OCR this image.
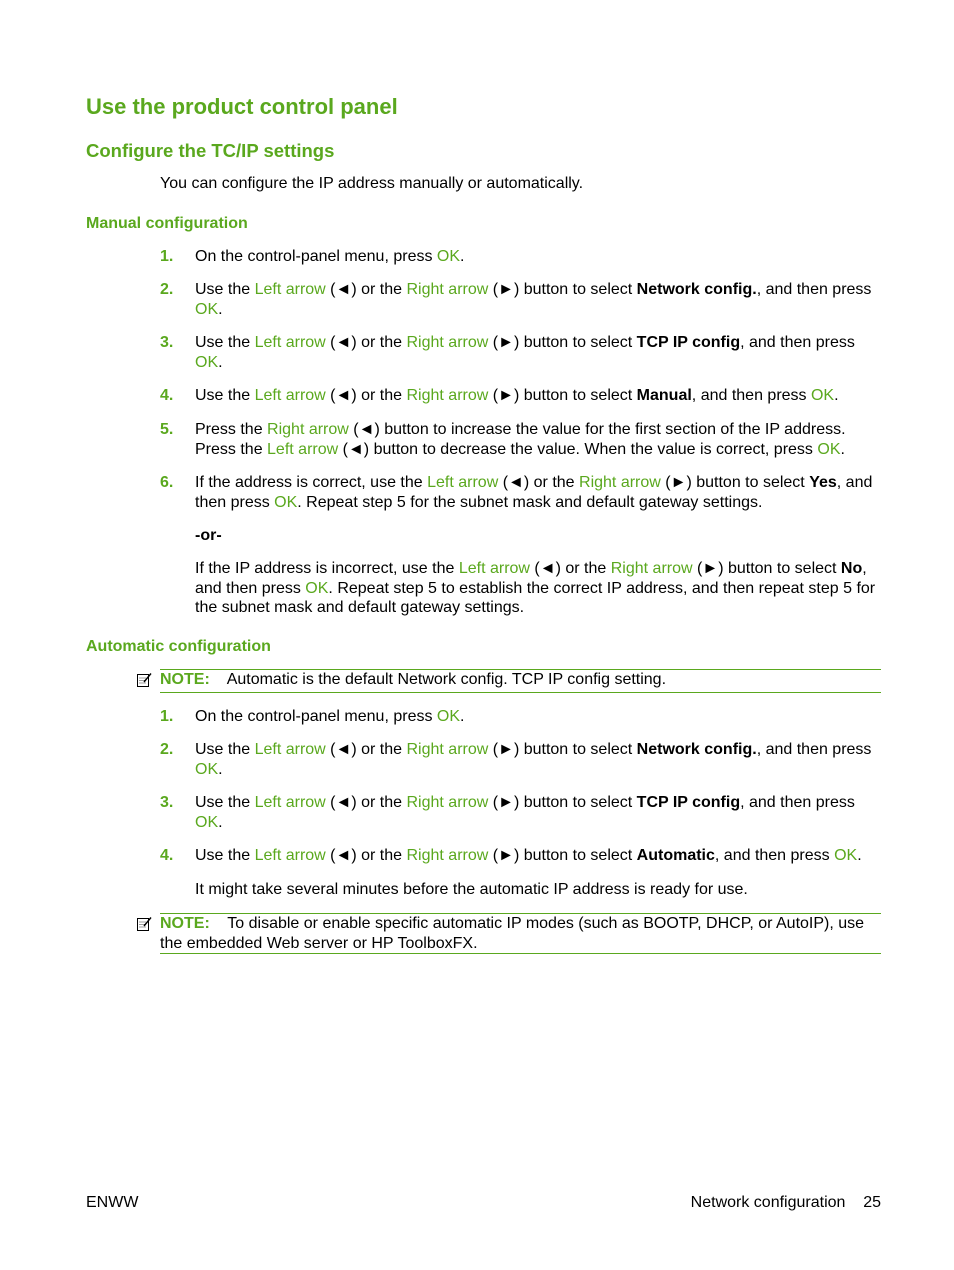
Use the product control panel
Configure the TC/IP settings
You can configure the IP address manually or automatically.
Manual configuration
1. On the control-panel menu, press OK.
2. Use the Left arrow (◄) or the Right arrow (►) button to select Network config., and then press OK.
3. Use the Left arrow (◄) or the Right arrow (►) button to select TCP IP config, and then press OK.
4. Use the Left arrow (◄) or the Right arrow (►) button to select Manual, and then press OK.
5. Press the Right arrow (◄) button to increase the value for the first section of the IP address. Press the Left arrow (◄) button to decrease the value. When the value is correct, press OK.
6. If the address is correct, use the Left arrow (◄) or the Right arrow (►) button to select Yes, and then press OK. Repeat step 5 for the subnet mask and default gateway settings.
-or-
If the IP address is incorrect, use the Left arrow (◄) or the Right arrow (►) button to select No, and then press OK. Repeat step 5 to establish the correct IP address, and then repeat step 5 for the subnet mask and default gateway settings.
Automatic configuration
NOTE: Automatic is the default Network config. TCP IP config setting.
1. On the control-panel menu, press OK.
2. Use the Left arrow (◄) or the Right arrow (►) button to select Network config., and then press OK.
3. Use the Left arrow (◄) or the Right arrow (►) button to select TCP IP config, and then press OK.
4. Use the Left arrow (◄) or the Right arrow (►) button to select Automatic, and then press OK.
It might take several minutes before the automatic IP address is ready for use.
NOTE: To disable or enable specific automatic IP modes (such as BOOTP, DHCP, or AutoIP), use the embedded Web server or HP ToolboxFX.
ENWW	Network configuration 25
